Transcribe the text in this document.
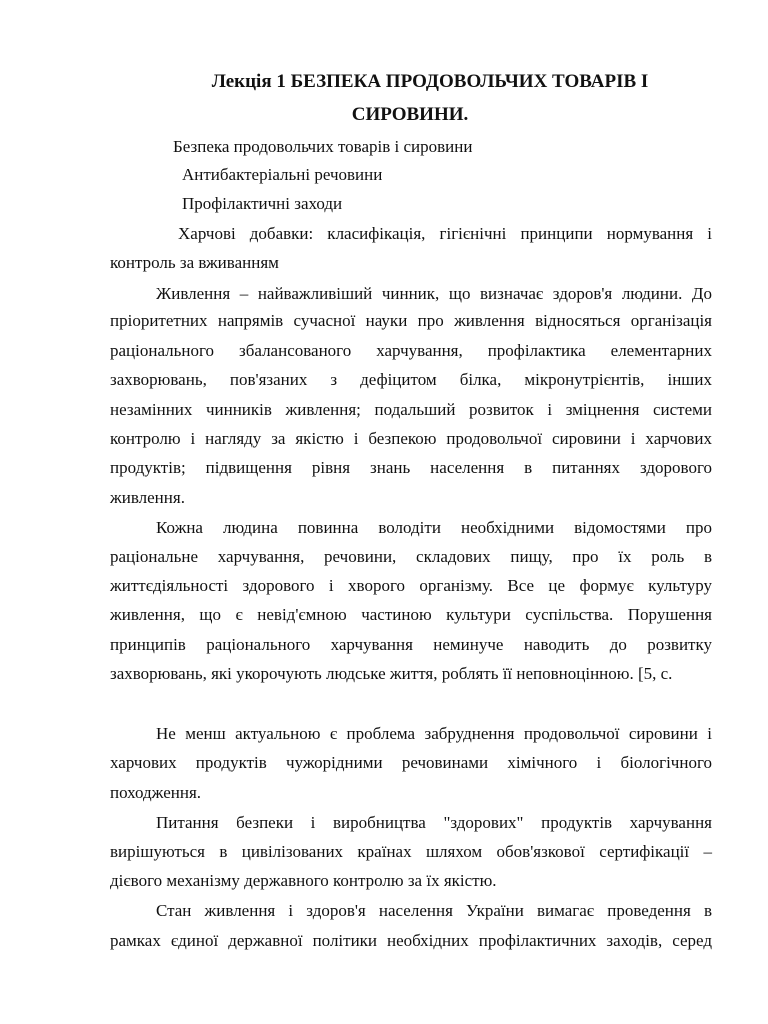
Лекція 1 БЕЗПЕКА ПРОДОВОЛЬЧИХ ТОВАРІВ І
СИРОВИНИ.
Безпека продовольчих товарів і сировини
Антибактеріальні речовини
Профілактичні заходи
Харчові добавки: класифікація, гігієнічні принципи нормування і
контроль за вживанням
Живлення – найважливіший чинник, що визначає здоров'я людини. До
пріоритетних напрямів сучасної науки про живлення відносяться організація
раціонального збалансованого харчування, профілактика елементарних
захворювань, пов'язаних з дефіцитом білка, мікронутрієнтів, інших
незамінних чинників живлення; подальший розвиток і зміцнення системи
контролю і нагляду за якістю і безпекою продовольчої сировини і харчових
продуктів; підвищення рівня знань населення в питаннях здорового
живлення.
Кожна людина повинна володіти необхідними відомостями про
раціональне харчування, речовини, складових пищу, про їх роль в
життєдіяльності здорового і хворого організму. Все це формує культуру
живлення, що є невід'ємною частиною культури суспільства. Порушення
принципів раціонального харчування неминуче наводить до розвитку
захворювань, які укорочують людське життя, роблять її неповноцінною. [5, с.
Не менш актуальною є проблема забруднення продовольчої сировини і
харчових продуктів чужорідними речовинами хімічного і біологічного
походження.
Питання безпеки і виробництва "здорових" продуктів харчування
вирішуються в цивілізованих країнах шляхом обов'язкової сертифікації –
дієвого механізму державного контролю за їх якістю.
Стан живлення і здоров'я населення України вимагає проведення в
рамках єдиної державної політики необхідних профілактичних заходів, серед
